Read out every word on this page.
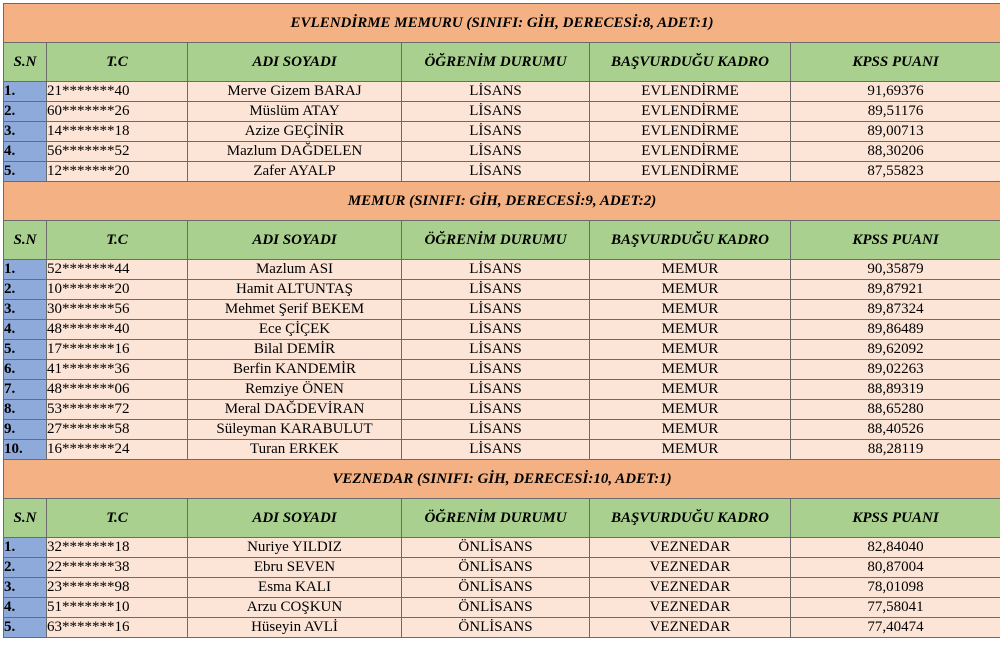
EVLENDİRME MEMURU (SINIFI: GİH, DERECESİ:8, ADET:1)					
S.N	T.C	ADI SOYADI	ÖĞRENİM DURUMU	BAŞVURDUĞU KADRO	KPSS PUANI
1.	21*******40	Merve Gizem BARAJ	LİSANS	EVLENDİRME	91,69376
2.	60*******26	Müslüm ATAY	LİSANS	EVLENDİRME	89,51176
3.	14*******18	Azize GEÇİNİR	LİSANS	EVLENDİRME	89,00713
4.	56*******52	Mazlum DAĞDELEN	LİSANS	EVLENDİRME	88,30206
5.	12*******20	Zafer AYALP	LİSANS	EVLENDİRME	87,55823
MEMUR (SINIFI: GİH, DERECESİ:9, ADET:2)					
S.N	T.C	ADI SOYADI	ÖĞRENİM DURUMU	BAŞVURDUĞU KADRO	KPSS PUANI
1.	52*******44	Mazlum ASI	LİSANS	MEMUR	90,35879
2.	10*******20	Hamit ALTUNTAŞ	LİSANS	MEMUR	89,87921
3.	30*******56	Mehmet Şerif BEKEM	LİSANS	MEMUR	89,87324
4.	48*******40	Ece ÇİÇEK	LİSANS	MEMUR	89,86489
5.	17*******16	Bilal DEMİR	LİSANS	MEMUR	89,62092
6.	41*******36	Berfin KANDEMİR	LİSANS	MEMUR	89,02263
7.	48*******06	Remziye ÖNEN	LİSANS	MEMUR	88,89319
8.	53*******72	Meral DAĞDEVİRAN	LİSANS	MEMUR	88,65280
9.	27*******58	Süleyman KARABULUT	LİSANS	MEMUR	88,40526
10.	16*******24	Turan ERKEK	LİSANS	MEMUR	88,28119
VEZNEDAR (SINIFI: GİH, DERECESİ:10, ADET:1)					
S.N	T.C	ADI SOYADI	ÖĞRENİM DURUMU	BAŞVURDUĞU KADRO	KPSS PUANI
1.	32*******18	Nuriye YILDIZ	ÖNLİSANS	VEZNEDAR	82,84040
2.	22*******38	Ebru SEVEN	ÖNLİSANS	VEZNEDAR	80,87004
3.	23*******98	Esma KALI	ÖNLİSANS	VEZNEDAR	78,01098
4.	51*******10	Arzu COŞKUN	ÖNLİSANS	VEZNEDAR	77,58041
5.	63*******16	Hüseyin AVLİ	ÖNLİSANS	VEZNEDAR	77,40474
